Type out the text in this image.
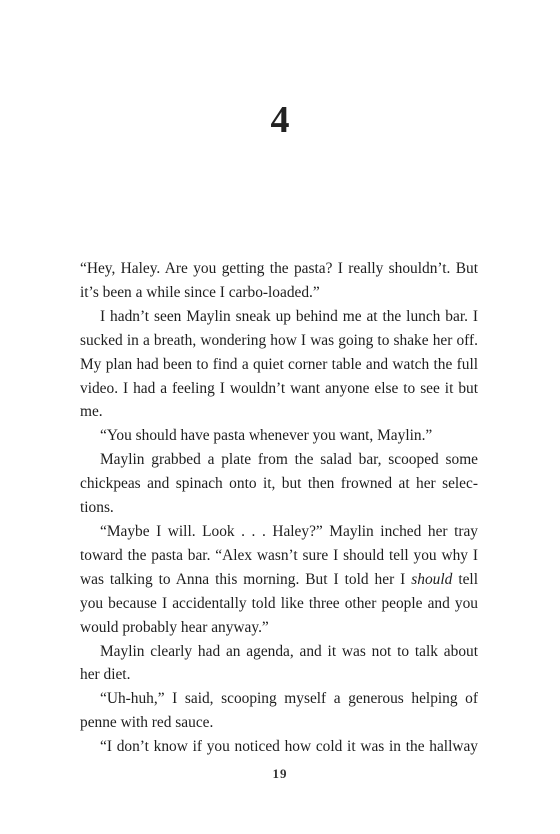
4

“Hey, Haley. Are you getting the pasta? I really shouldn’t. But it’s been a while since I carbo-loaded.”

I hadn’t seen Maylin sneak up behind me at the lunch bar. I sucked in a breath, wondering how I was going to shake her off. My plan had been to find a quiet corner table and watch the full video. I had a feeling I wouldn’t want anyone else to see it but me.

“You should have pasta whenever you want, Maylin.”

Maylin grabbed a plate from the salad bar, scooped some chickpeas and spinach onto it, but then frowned at her selections.

“Maybe I will. Look . . . Haley?” Maylin inched her tray toward the pasta bar. “Alex wasn’t sure I should tell you why I was talking to Anna this morning. But I told her I should tell you because I accidentally told like three other people and you would probably hear anyway.”

Maylin clearly had an agenda, and it was not to talk about her diet.

“Uh-huh,” I said, scooping myself a generous helping of penne with red sauce.

“I don’t know if you noticed how cold it was in the hallway

19
